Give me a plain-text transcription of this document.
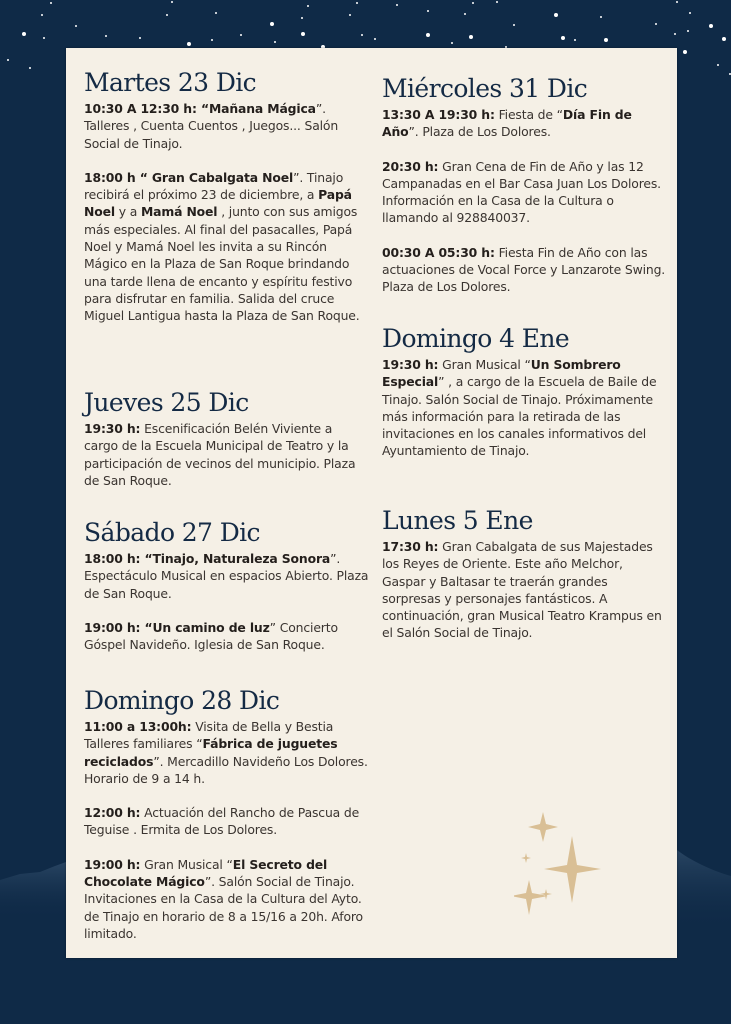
Martes 23 Dic

10:30 A 12:30 h: “Mañana Mágica”. Talleres , Cuenta Cuentos , Juegos... Salón Social de Tinajo.

18:00 h “ Gran Cabalgata Noel”. Tinajo recibirá el próximo 23 de diciembre, a Papá Noel y a Mamá Noel , junto con sus amigos más especiales. Al final del pasacalles, Papá Noel y Mamá Noel les invita a su Rincón Mágico en la Plaza de San Roque brindando una tarde llena de encanto y espíritu festivo para disfrutar en familia. Salida del cruce Miguel Lantigua hasta la Plaza de San Roque.

Jueves 25 Dic

19:30 h: Escenificación Belén Viviente a cargo de la Escuela Municipal de Teatro y la participación de vecinos del municipio. Plaza de San Roque.

Sábado 27 Dic

18:00 h: “Tinajo, Naturaleza Sonora”. Espectáculo Musical en espacios Abierto. Plaza de San Roque.

19:00 h: “Un camino de luz” Concierto Góspel Navideño. Iglesia de San Roque.

Domingo 28 Dic

11:00 a 13:00h: Visita de Bella y Bestia Talleres familiares “Fábrica de juguetes reciclados”. Mercadillo Navideño Los Dolores. Horario de 9 a 14 h.

12:00 h: Actuación del Rancho de Pascua de Teguise . Ermita de Los Dolores.

19:00 h: Gran Musical “El Secreto del Chocolate Mágico”. Salón Social de Tinajo. Invitaciones en la Casa de la Cultura del Ayto. de Tinajo en horario de 8 a 15/16 a 20h. Aforo limitado.

Miércoles 31 Dic

13:30 A 19:30 h: Fiesta de “Día Fin de Año”. Plaza de Los Dolores.

20:30 h: Gran Cena de Fin de Año y las 12 Campanadas en el Bar Casa Juan Los Dolores. Información en la Casa de la Cultura o llamando al 928840037.

00:30 A 05:30 h: Fiesta Fin de Año con las actuaciones de Vocal Force y Lanzarote Swing. Plaza de Los Dolores.

Domingo 4 Ene

19:30 h: Gran Musical “Un Sombrero Especial” , a cargo de la Escuela de Baile de Tinajo. Salón Social de Tinajo. Próximamente más información para la retirada de las invitaciones en los canales informativos del Ayuntamiento de Tinajo.

Lunes 5 Ene

17:30 h: Gran Cabalgata de sus Majestades los Reyes de Oriente. Este año Melchor, Gaspar y Baltasar te traerán grandes sorpresas y personajes fantásticos. A continuación, gran Musical Teatro Krampus en el Salón Social de Tinajo.
